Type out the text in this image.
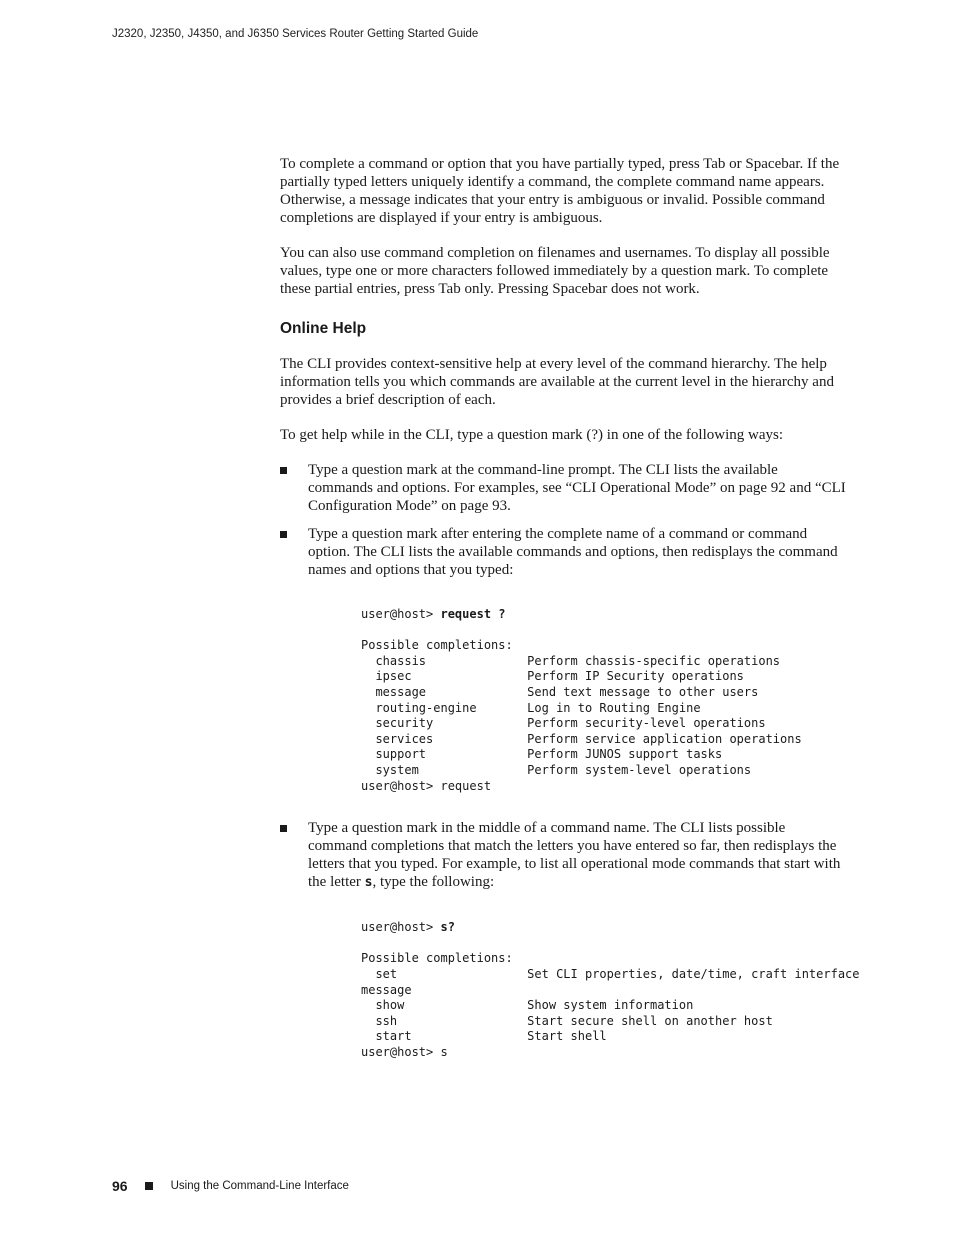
J2320, J2350, J4350, and J6350 Services Router Getting Started Guide

To complete a command or option that you have partially typed, press Tab or Spacebar. If the partially typed letters uniquely identify a command, the complete command name appears. Otherwise, a message indicates that your entry is ambiguous or invalid. Possible command completions are displayed if your entry is ambiguous.

You can also use command completion on filenames and usernames. To display all possible values, type one or more characters followed immediately by a question mark. To complete these partial entries, press Tab only. Pressing Spacebar does not work.

Online Help

The CLI provides context-sensitive help at every level of the command hierarchy. The help information tells you which commands are available at the current level in the hierarchy and provides a brief description of each.

To get help while in the CLI, type a question mark (?) in one of the following ways:

Type a question mark at the command-line prompt. The CLI lists the available commands and options. For examples, see “CLI Operational Mode” on page 92 and “CLI Configuration Mode” on page 93.
Type a question mark after entering the complete name of a command or command option. The CLI lists the available commands and options, then redisplays the command names and options that you typed:
user@host> request ?

Possible completions:
chassis              Perform chassis-specific operations
ipsec                Perform IP Security operations
message              Send text message to other users
routing-engine       Log in to Routing Engine
security             Perform security-level operations
services             Perform service application operations
support              Perform JUNOS support tasks
system               Perform system-level operations
user@host> request
Type a question mark in the middle of a command name. The CLI lists possible command completions that match the letters you have entered so far, then redisplays the letters that you typed. For example, to list all operational mode commands that start with the letter s, type the following:
user@host> s?

Possible completions:
set                  Set CLI properties, date/time, craft interface
message
show                 Show system information
ssh                  Start secure shell on another host
start                Start shell
user@host> s
96	Using the Command-Line Interface
